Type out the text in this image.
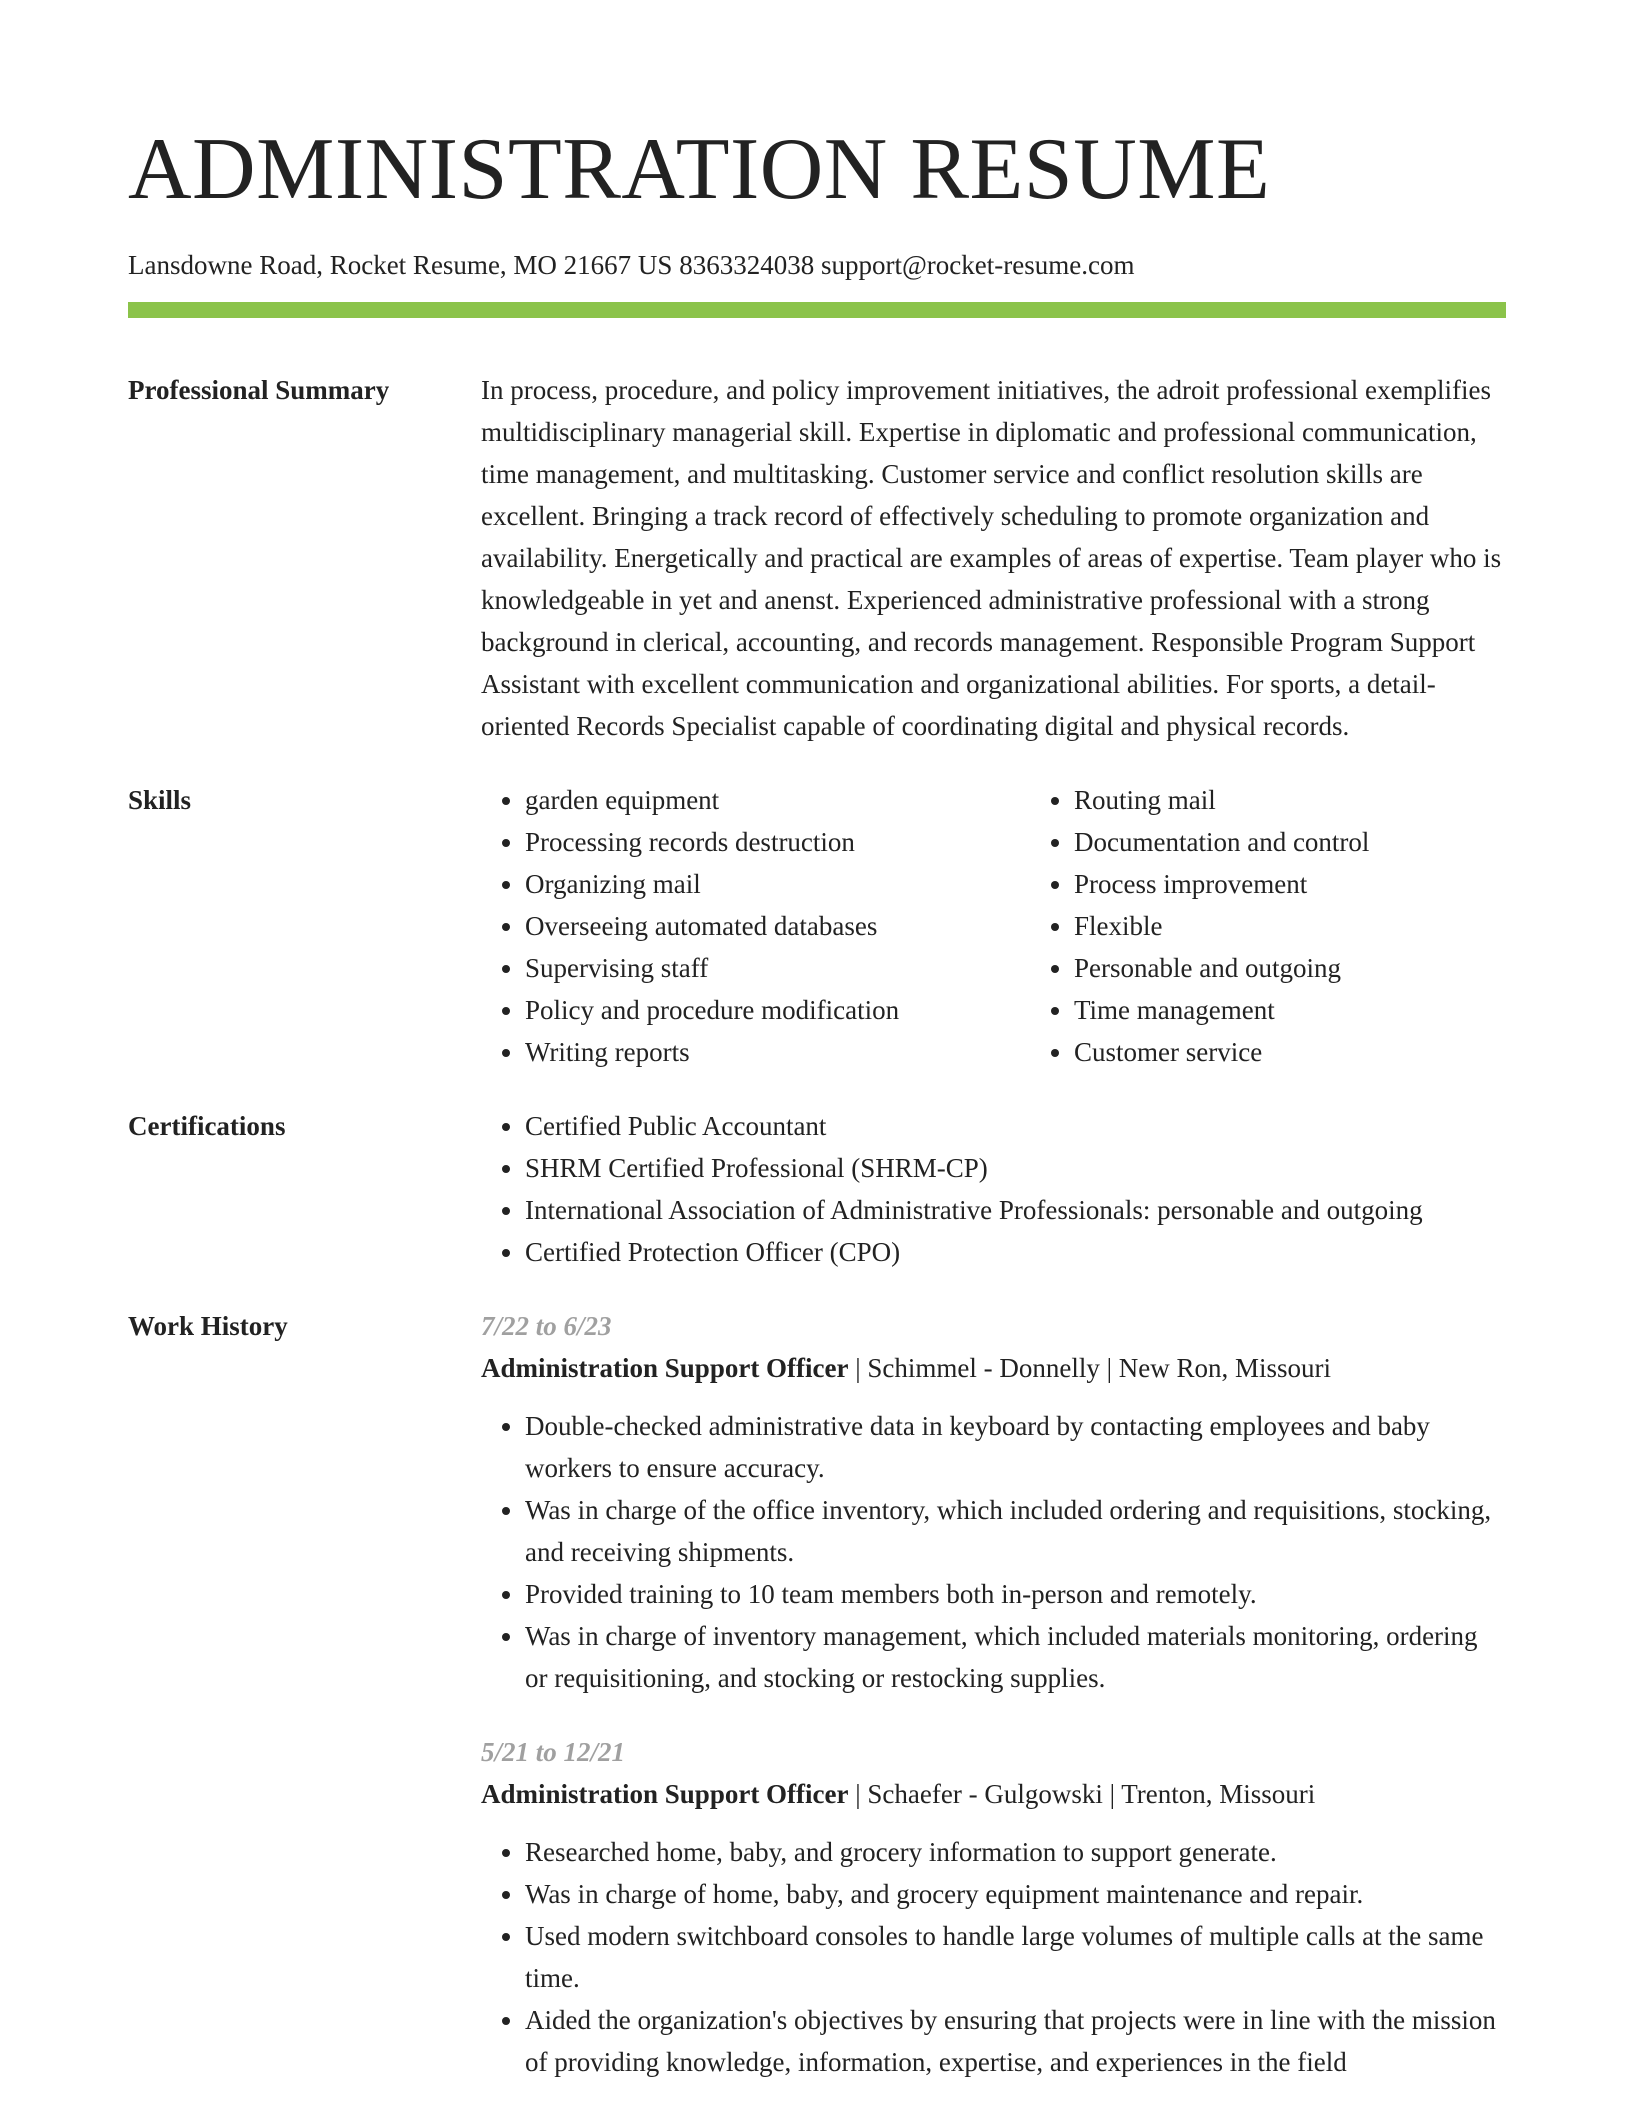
ADMINISTRATION RESUME
Lansdowne Road, Rocket Resume, MO 21667 US 8363324038 support@rocket-resume.com
Professional Summary	In process, procedure, and policy improvement initiatives, the adroit professional exemplifies multidisciplinary managerial skill. Expertise in diplomatic and professional communication, time management, and multitasking. Customer service and conflict resolution skills are excellent. Bringing a track record of effectively scheduling to promote organization and availability. Energetically and practical are examples of areas of expertise. Team player who is knowledgeable in yet and anenst. Experienced administrative professional with a strong background in clerical, accounting, and records management. Responsible Program Support Assistant with excellent communication and organizational abilities. For sports, a detail-oriented Records Specialist capable of coordinating digital and physical records.

Skills	• garden equipment
• Processing records destruction
• Organizing mail
• Overseeing automated databases
• Supervising staff
• Policy and procedure modification
• Writing reports
• Routing mail
• Documentation and control
• Process improvement
• Flexible
• Personable and outgoing
• Time management
• Customer service
Certifications	• Certified Public Accountant
• SHRM Certified Professional (SHRM-CP)
• International Association of Administrative Professionals: personable and outgoing
• Certified Protection Officer (CPO)
Work History	7/22 to 6/23
Administration Support Officer | Schimmel - Donnelly | New Ron, Missouri
• Double-checked administrative data in keyboard by contacting employees and baby workers to ensure accuracy.
• Was in charge of the office inventory, which included ordering and requisitions, stocking, and receiving shipments.
• Provided training to 10 team members both in-person and remotely.
• Was in charge of inventory management, which included materials monitoring, ordering or requisitioning, and stocking or restocking supplies.
5/21 to 12/21
Administration Support Officer | Schaefer - Gulgowski | Trenton, Missouri
• Researched home, baby, and grocery information to support generate.
• Was in charge of home, baby, and grocery equipment maintenance and repair.
• Used modern switchboard consoles to handle large volumes of multiple calls at the same time.
• Aided the organization's objectives by ensuring that projects were in line with the mission of providing knowledge, information, expertise, and experiences in the field
